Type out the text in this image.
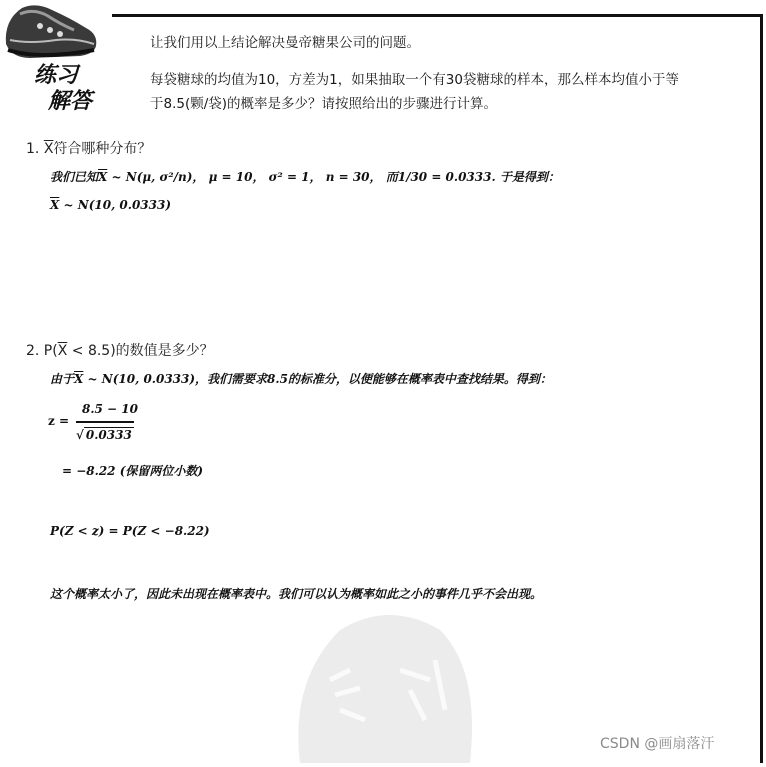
练习
解答
让我们用以上结论解决曼帝糖果公司的问题。
每袋糖球的均值为10，方差为1，如果抽取一个有30袋糖球的样本，那么样本均值小于等
于8.5(颗/袋)的概率是多少？请按照给出的步骤进行计算。
1. $\overline{X}$符合哪种分布？
我们已知$\overline{X}$ ~ N(μ, σ²/n)， μ = 10， σ² = 1， n = 30， 而1/30 = 0.0333. 于是得到：
$\overline{X}$ ~ N(10, 0.0333)
2. $P(\overline{X} < 8.5)$的数值是多少？
由于$\overline{X}$ ~ N(10, 0.0333)，我们需要求8.5的标准分，以便能够在概率表中查找结果。得到：
z =
8.5 − 10
√ 0.0333
= −8.22 (保留两位小数)
P(Z < z) = P(Z < −8.22)
这个概率太小了，因此未出现在概率表中。我们可以认为概率如此之小的事件几乎不会出现。
CSDN @画扇落汗
